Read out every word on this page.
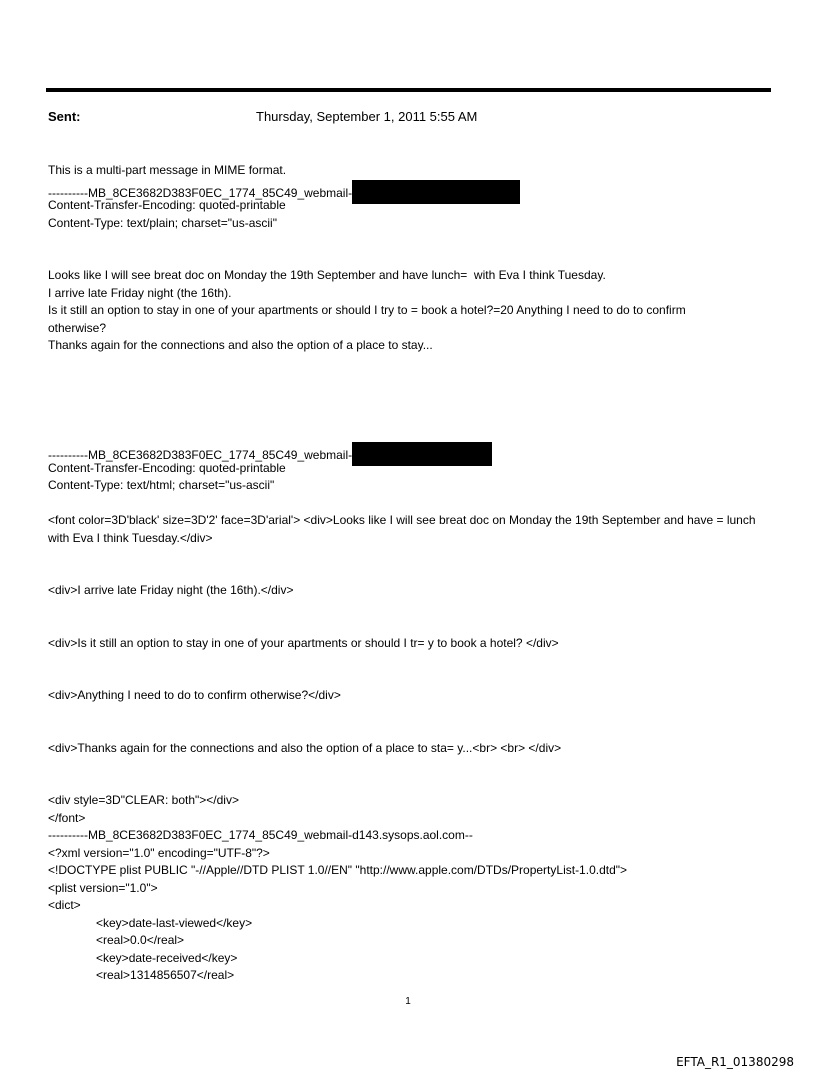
Sent:	Thursday, September 1, 2011 5:55 AM
This is a multi-part message in MIME format.
----------MB_8CE3682D383F0EC_1774_85C49_webmail-
Content-Transfer-Encoding: quoted-printable
Content-Type: text/plain; charset="us-ascii"
Looks like I will see breat doc on Monday the 19th September and have lunch=  with Eva I think Tuesday.
I arrive late Friday night (the 16th).
Is it still an option to stay in one of your apartments or should I try to = book a hotel?=20 Anything I need to do to confirm otherwise?
Thanks again for the connections and also the option of a place to stay...
----------MB_8CE3682D383F0EC_1774_85C49_webmail-
Content-Transfer-Encoding: quoted-printable
Content-Type: text/html; charset="us-ascii"
<font color=3D'black' size=3D'2' face=3D'arial'> <div>Looks like I will see breat doc on Monday the 19th September and have = lunch with Eva I think Tuesday.</div>
<div>I arrive late Friday night (the 16th).</div>
<div>Is it still an option to stay in one of your apartments or should I tr= y to book a hotel? </div>
<div>Anything I need to do to confirm otherwise?</div>
<div>Thanks again for the connections and also the option of a place to sta= y...<br> <br> </div>
<div style=3D"CLEAR: both"></div>
</font>
----------MB_8CE3682D383F0EC_1774_85C49_webmail-d143.sysops.aol.com--
<?xml version="1.0" encoding="UTF-8"?>
<!DOCTYPE plist PUBLIC "-//Apple//DTD PLIST 1.0//EN" "http://www.apple.com/DTDs/PropertyList-1.0.dtd">
<plist version="1.0">
<dict>
<key>date-last-viewed</key>
<real>0.0</real>
<key>date-received</key>
<real>1314856507</real>
1
EFTA_R1_01380298
